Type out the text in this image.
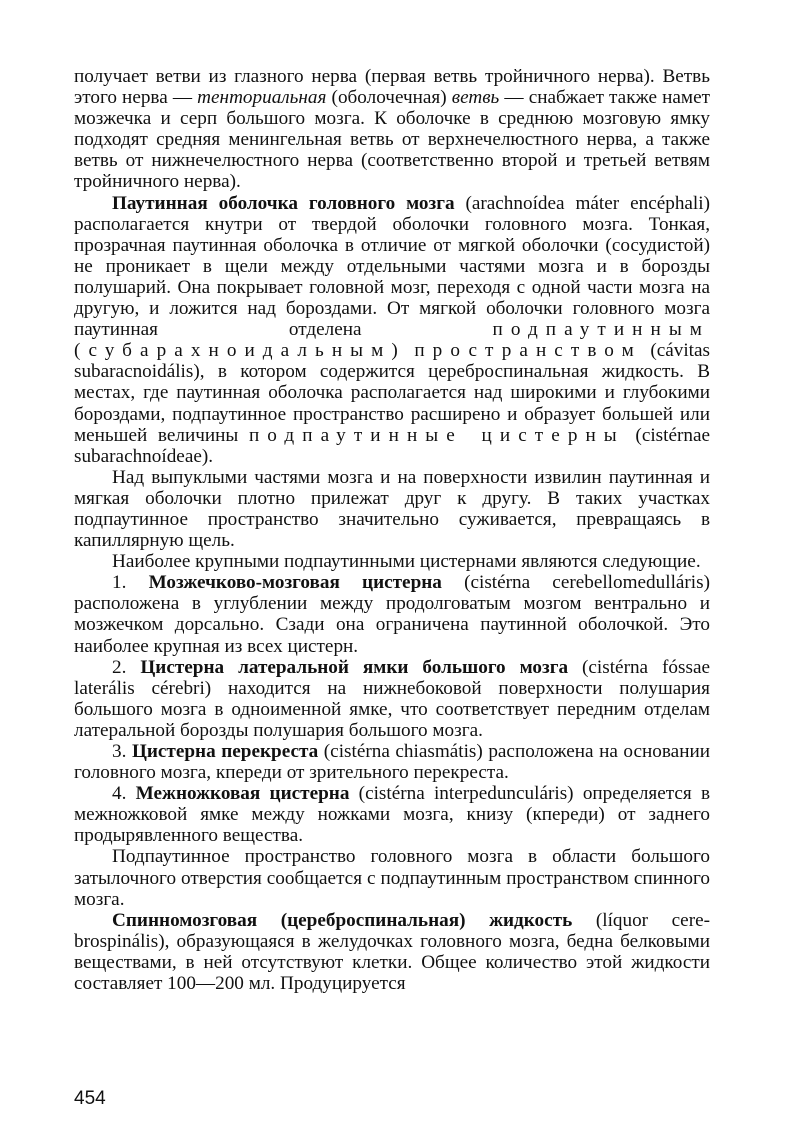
получает ветви из глазного нерва (первая ветвь тройничного нерва). Ветвь этого нерва — тенториальная (оболочечная) ветвь — снабжает также намет мозжечка и серп большого мозга. К оболочке в среднюю мозговую ямку подходят средняя менингельная ветвь от верхнечелюстного нерва, а также ветвь от нижнечелюстного нерва (соответственно второй и третьей ветвям тройничного нерва).

Паутинная оболочка головного мозга (arachnoídea máter encéphali) располагается кнутри от твердой оболочки головного мозга. Тонкая, прозрачная паутинная оболочка в отличие от мягкой оболочки (сосудистой) не проникает в щели между отдельными частями мозга и в борозды полушарий. Она покрывает головной мозг, переходя с одной части мозга на другую, и ложится над бороздами. От мягкой оболочки головного мозга паутинная отделена подпаутинным (субарахноидальным) пространством (cávitas subaracnoidális), в котором содержится цереброспинальная жидкость. В местах, где паутинная оболочка располагается над широкими и глубокими бороздами, подпаутинное пространство расширено и образует большей или меньшей величины подпаутинные цистерны (cistérnae subarachnoídeae).

Над выпуклыми частями мозга и на поверхности извилин паутинная и мягкая оболочки плотно прилежат друг к другу. В таких участках подпаутинное пространство значительно суживается, превращаясь в капиллярную щель.

Наиболее крупными подпаутинными цистернами являются следующие.

1. Мозжечково-мозговая цистерна (cistérna cerebellomedulláris) расположена в углублении между продолговатым мозгом вентрально и мозжечком дорсально. Сзади она ограничена паутинной оболочкой. Это наиболее крупная из всех цистерн.

2. Цистерна латеральной ямки большого мозга (cistérna fóssae laterális cérebri) находится на нижнебоковой поверхности полушария большого мозга в одноименной ямке, что соответствует передним отделам латеральной борозды полушария большого мозга.

3. Цистерна перекреста (cistérna chiasmátis) расположена на основании головного мозга, кпереди от зрительного перекреста.

4. Межножковая цистерна (cistérna interpedunculáris) определяется в межножковой ямке между ножками мозга, книзу (кпереди) от заднего продырявленного вещества.

Подпаутинное пространство головного мозга в области большого затылочного отверстия сообщается с подпаутинным пространством спинного мозга.

Спинномозговая (цереброспинальная) жидкость (líquor cerebrospinális), образующаяся в желудочках головного мозга, бедна белковыми веществами, в ней отсутствуют клетки. Общее количество этой жидкости составляет 100—200 мл. Продуцируется

454
